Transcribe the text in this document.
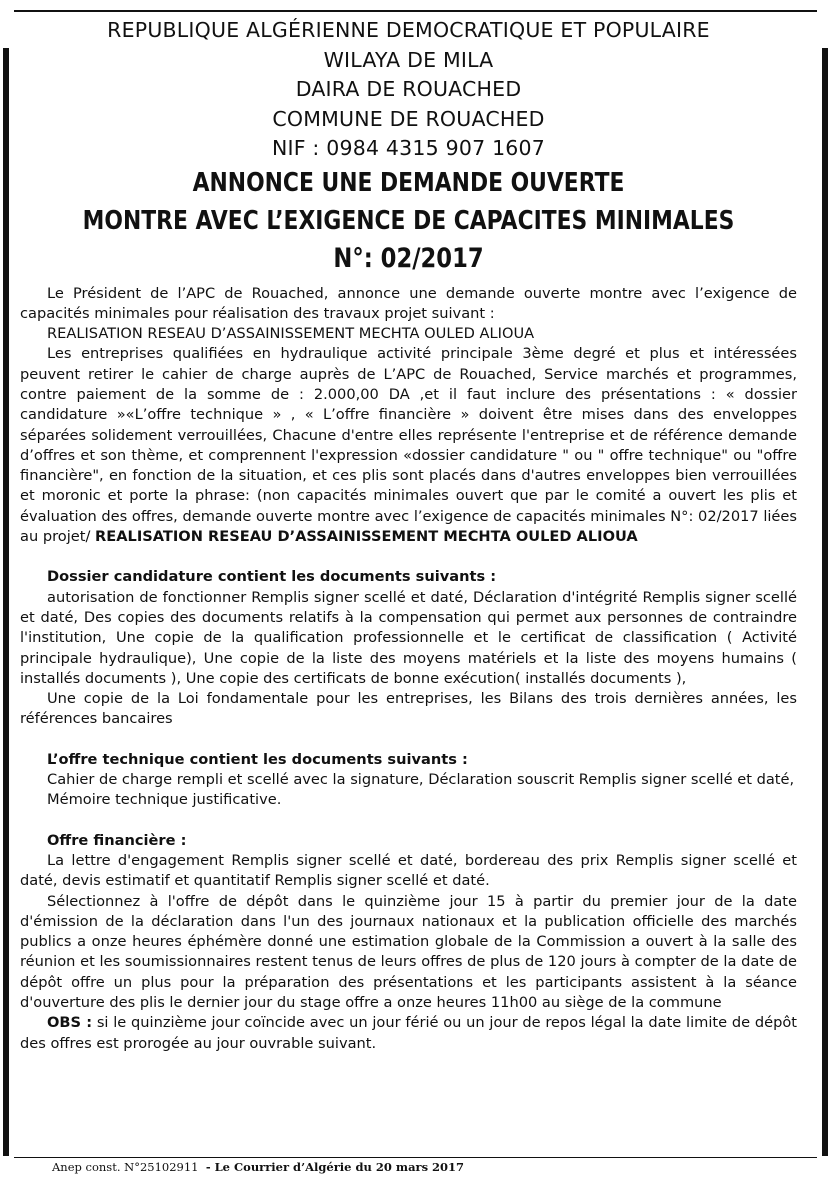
REPUBLIQUE ALGÉRIENNE DEMOCRATIQUE ET POPULAIRE
WILAYA DE MILA
DAIRA DE ROUACHED
COMMUNE DE ROUACHED
NIF : 0984 4315 907 1607
ANNONCE UNE DEMANDE OUVERTE
MONTRE AVEC L’EXIGENCE DE CAPACITES MINIMALES
N°: 02/2017

Le Président de l’APC de Rouached, annonce une demande ouverte montre avec l’exigence de capacités minimales pour réalisation des travaux projet suivant :

REALISATION RESEAU D’ASSAINISSEMENT MECHTA OULED ALIOUA

Les entreprises qualifiées en hydraulique activité principale 3ème degré et plus et intéressées peuvent retirer le cahier de charge auprès de L’APC de Rouached, Service marchés et programmes, contre paiement de la somme de : 2.000,00 DA ,et il faut inclure des présentations : « dossier candidature »«L’offre technique » , « L’offre financière » doivent être mises dans des enveloppes séparées solidement verrouillées, Chacune d'entre elles représente l'entreprise et de référence demande d’offres et son thème, et comprennent l'expression «dossier candidature " ou " offre technique" ou "offre financière", en fonction de la situation, et ces plis sont placés dans d'autres enveloppes bien verrouillées et moronic et porte la phrase: (non capacités minimales ouvert que par le comité a ouvert les plis et évaluation des offres, demande ouverte montre avec l’exigence de capacités minimales N°: 02/2017 liées au projet/ REALISATION RESEAU D’ASSAINISSEMENT MECHTA OULED ALIOUA

Dossier candidature contient les documents suivants :

autorisation de fonctionner Remplis signer scellé et daté, Déclaration d'intégrité Remplis signer scellé et daté, Des copies des documents relatifs à la compensation qui permet aux personnes de contraindre l'institution, Une copie de la qualification professionnelle et le certificat de classification ( Activité principale hydraulique), Une copie de la liste des moyens matériels et la liste des moyens humains ( installés documents ), Une copie des certificats de bonne exécution( installés documents ),

Une copie de la Loi fondamentale pour les entreprises, les Bilans des trois dernières années, les références bancaires

L’offre technique contient les documents suivants :

Cahier de charge rempli et scellé avec la signature, Déclaration souscrit Remplis signer scellé et daté,

Mémoire technique justificative.

Offre financière :

La lettre d'engagement Remplis signer scellé et daté, bordereau des prix Remplis signer scellé et daté, devis estimatif et quantitatif Remplis signer scellé et daté.

Sélectionnez à l'offre de dépôt dans le quinzième jour 15 à partir du premier jour de la date d'émission de la déclaration dans l'un des journaux nationaux et la publication officielle des marchés publics a onze heures éphémère donné une estimation globale de la Commission a ouvert à la salle des réunion et les soumissionnaires restent tenus de leurs offres de plus de 120 jours à compter de la date de dépôt offre un plus pour la préparation des présentations et les participants assistent à la séance d'ouverture des plis le dernier jour du stage offre a onze heures 11h00 au siège de la commune

OBS : si le quinzième jour coïncide avec un jour férié ou un jour de repos légal la date limite de dépôt des offres est prorogée au jour ouvrable suivant.

Anep const. N°25102911 - Le Courrier d’Algérie du 20 mars 2017
